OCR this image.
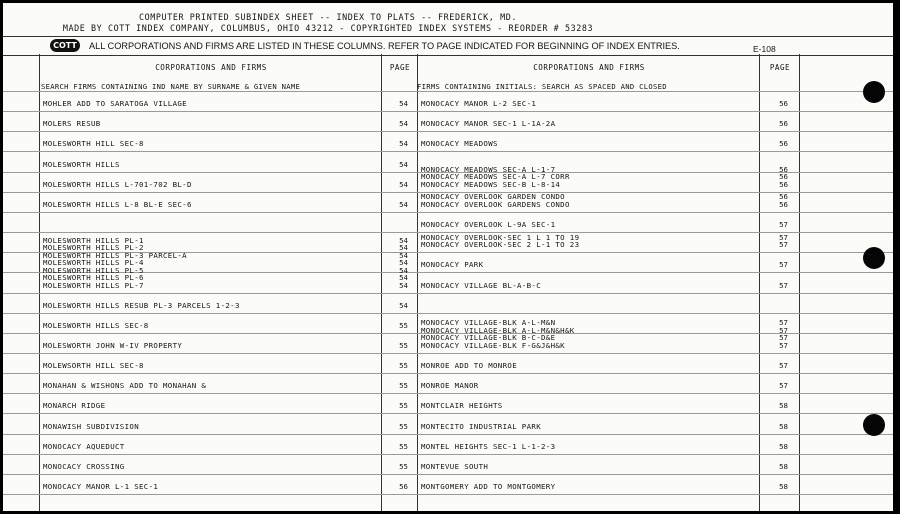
COMPUTER PRINTED SUBINDEX SHEET -- INDEX TO PLATS -- FREDERICK, MD.
MADE BY COTT INDEX COMPANY, COLUMBUS, OHIO 43212 - COPYRIGHTED INDEX SYSTEMS - REORDER # 53283
COTT	ALL CORPORATIONS AND FIRMS ARE LISTED IN THESE COLUMNS. REFER TO PAGE INDICATED FOR BEGINNING OF INDEX ENTRIES.	E-108
CORPORATIONS AND FIRMS	PAGE	CORPORATIONS AND FIRMS	PAGE
SEARCH FIRMS CONTAINING IND NAME BY SURNAME & GIVEN NAME	FIRMS CONTAINING INITIALS: SEARCH AS SPACED AND CLOSED
MOHLER ADD TO SARATOGA VILLAGE	54
MOLERS RESUB	54
MOLESWORTH HILL SEC-8	54
MOLESWORTH HILLS	54
MOLESWORTH HILLS L-701-702 BL-D	54
MOLESWORTH HILLS L-8 BL-E SEC-6	54
MOLESWORTH HILLS PL-1	54
MOLESWORTH HILLS PL-2	54
MOLESWORTH HILLS PL-3 PARCEL-A	54
MOLESWORTH HILLS PL-4	54
MOLESWORTH HILLS PL-5	54
MOLESWORTH HILLS PL-6	54
MOLESWORTH HILLS PL-7	54
MOLESWORTH HILLS RESUB PL-3 PARCELS 1-2-3	54
MOLESWORTH HILLS SEC-8	55
MOLESWORTH JOHN W-IV PROPERTY	55
MOLEWSORTH HILL SEC-8	55
MONAHAN & WISHONS ADD TO MONAHAN &	55
MONARCH RIDGE	55
MONAWISH SUBDIVISION	55
MONOCACY AQUEDUCT	55
MONOCACY CROSSING	55
MONOCACY MANOR L-1 SEC-1	56
MONOCACY MANOR L-2 SEC-1	56
MONOCACY MANOR SEC-1 L-1A-2A	56
MONOCACY MEADOWS	56
MONOCACY MEADOWS SEC-A L-1-7	56
MONOCACY MEADOWS SEC-A L-7 CORR	56
MONOCACY MEADOWS SEC-B L-8-14	56
MONOCACY OVERLOOK GARDEN CONDO	56
MONOCACY OVERLOOK GARDENS CONDO	56
MONOCACY OVERLOOK L-9A SEC-1	57
MONOCACY OVERLOOK-SEC 1 L 1 TO 19	57
MONOCACY OVERLOOK-SEC 2 L-1 TO 23	57
MONOCACY PARK	57
MONOCACY VILLAGE BL-A-B-C	57
MONOCACY VILLAGE-BLK A-L-M&N	57
MONOCACY VILLAGE-BLK A-L-M&N&H&K	57
MONOCACY VILLAGE-BLK B-C-D&E	57
MONOCACY VILLAGE-BLK F-G&J&H&K	57
MONROE ADD TO MONROE	57
MONROE MANOR	57
MONTCLAIR HEIGHTS	58
MONTECITO INDUSTRIAL PARK	58
MONTEL HEIGHTS SEC-1 L-1-2-3	58
MONTEVUE SOUTH	58
MONTGOMERY ADD TO MONTGOMERY	58
